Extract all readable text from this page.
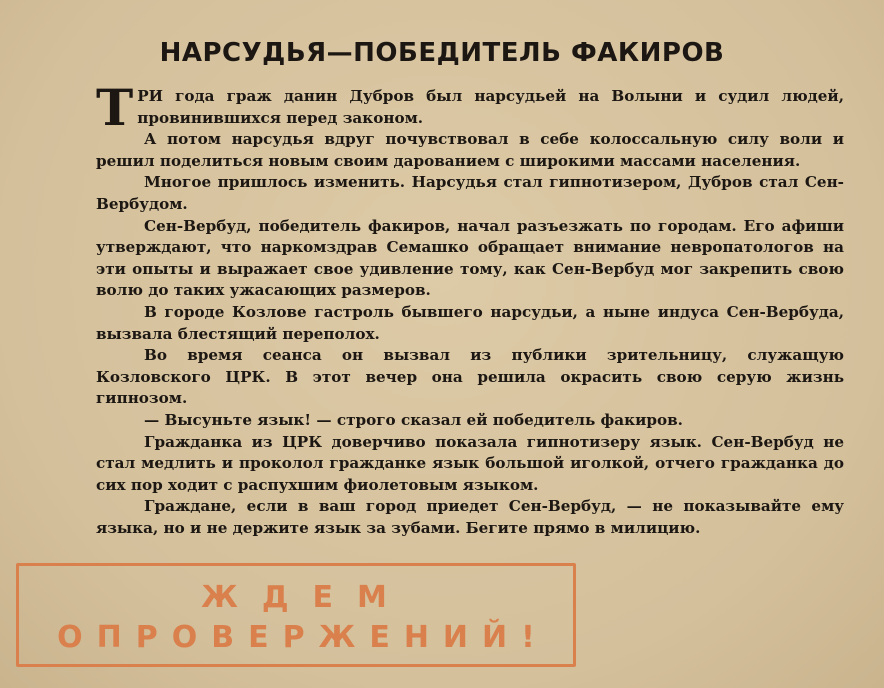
НАРСУДЬЯ—ПОБЕДИТЕЛЬ ФАКИРОВ

ТРИ года граж данин Дубров был нарсудьей на Волыни и судил людей, провинившихся перед законом.

А потом нарсудья вдруг почувствовал в себе колоссальную силу воли и решил поделиться новым своим дарованием с широкими массами населения.

Многое пришлось изменить. Нарсудья стал гипнотизером, Дубров стал Сен-Вербудом.

Сен-Вербуд, победитель факиров, начал разъезжать по городам. Его афиши утверждают, что наркомздрав Семашко обращает внимание невропатологов на эти опыты и выражает свое удивление тому, как Сен-Вербуд мог закрепить свою волю до таких ужасающих размеров.

В городе Козлове гастроль бывшего нарсудьи, а ныне индуса Сен-Вербуда, вызвала блестящий переполох.

Во время сеанса он вызвал из публики зрительницу, служащую Козловского ЦРК. В этот вечер она решила окрасить свою серую жизнь гипнозом.

— Высуньте язык! — строго сказал ей победитель факиров.

Гражданка из ЦРК доверчиво показала гипнотизеру язык. Сен-Вербуд не стал медлить и проколол гражданке язык большой иголкой, отчего гражданка до сих пор ходит с распухшим фиолетовым языком.

Граждане, если в ваш город приедет Сен-Вербуд, — не показывайте ему языка, но и не держите язык за зубами. Бегите прямо в милицию.

ЖДЕМ
ОПРОВЕРЖЕНИЙ!
